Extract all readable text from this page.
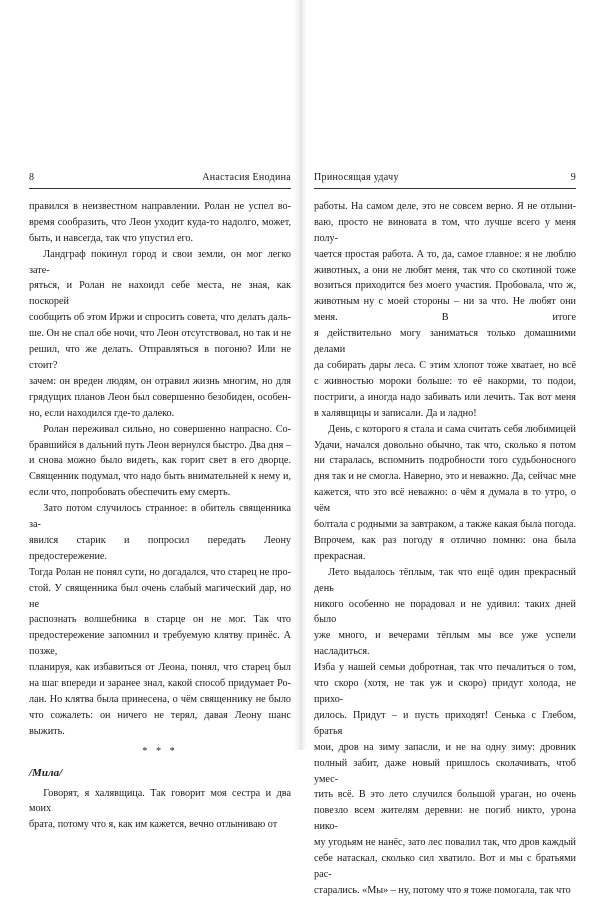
8	Анастасия Енодина

правился в неизвестном направлении. Ролан не успел во-
время сообразить, что Леон уходит куда-то надолго, может,
быть, и навсегда, так что упустил его.

Ландграф покинул город и свои земли, он мог легко зате-
ряться, и Ролан не нахоидл себе места, не зная, как поскорей
сообщить об этом Иржи и спросить совета, что делать даль-
ше. Он не спал обе ночи, что Леон отсутствовал, но так и не
решил, что же делать. Отправляться в погоню? Или не стоит?
зачем: он вреден людям, он отравил жизнь многим, но для
грядущих планов Леон был совершенно безобиден, особен-
но, если находился где-то далеко.

Ролан переживал сильно, но совершенно напрасно. Со-
бравшийся в дальний путь Леон вернулся быстро. Два дня –
и снова можно было видеть, как горит свет в его дворце.
Священник подумал, что надо быть внимательней к нему и,
если что, попробовать обеспечить ему смерть.

Зато потом случилось странное: в обитель священника за-
явился старик и попросил передать Леону предостережение.
Тогда Ролан не понял сути, но догадался, что старец не про-
стой. У священника был очень слабый магический дар, но не
распознать волшебника в старце он не мог. Так что
предостережение запомнил и требуемую клятву принёс. А позже,
планируя, как избавиться от Леона, понял, что старец был
на шаг впереди и заранее знал, какой способ придумает Ро-
лан. Но клятва была принесена, о чём священнику не было
что сожалеть: он ничего не терял, давая Леону шанс выжить.

* * *
/Мила/

Говорят, я халявщица. Так говорит моя сестра и два моих
брата, потому что я, как им кажется, вечно отлыниваю от

Приносящая удачу	9

работы. На самом деле, это не совсем верно. Я не отлыни-
ваю, просто не виновата в том, что лучше всего у меня полу-
чается простая работа. А то, да, самое главное: я не люблю
животных, а они не любят меня, так что со скотиной тоже
возиться приходится без моего участия. Пробовала, что ж,
животным ну с моей стороны – ни за что. Не любят они меня. В итоге
я действительно могу заниматься только домашними делами
да собирать дары леса. С этим хлопот тоже хватает, но всё
с живностью мороки больше: то её накорми, то подои,
постриги, а иногда надо забивать или лечить. Так вот меня
в халявщицы и записали. Да и ладно!

День, с которого я стала и сама считать себя любимицей
Удачи, начался довольно обычно, так что, сколько я потом
ни старалась, вспомнить подробности того судьбоносного
дня так и не смогла. Наверно, это и неважно. Да, сейчас мне
кажется, что это всё неважно: о чём я думала в то утро, о чём
болтала с родными за завтраком, а также какая была погода.
Впрочем, как раз погоду я отлично помню: она была прекрасная.

Лето выдалось тёплым, так что ещё один прекрасный день
никого особенно не порадовал и не удивил: таких дней было
уже много, и вечерами тёплым мы все уже успели насладиться.
Изба у нашей семьи добротная, так что печалиться о том,
что скоро (хотя, не так уж и скоро) придут холода, не прихо-
дилось. Придут – и пусть приходят! Сенька с Глебом, братья
мои, дров на зиму запасли, и не на одну зиму: дровник
полный забит, даже новый пришлось сколачивать, чтоб умес-
тить всё. В это лето случился большой ураган, но очень
повезло всем жителям деревни: не погиб никто, урона нико-
му угодьям не нанёс, зато лес повалил так, что дров каждый
себе натаскал, сколько сил хватило. Вот и мы с братьями рас-
старались. «Мы» – ну, потому что я тоже помогала, так что
